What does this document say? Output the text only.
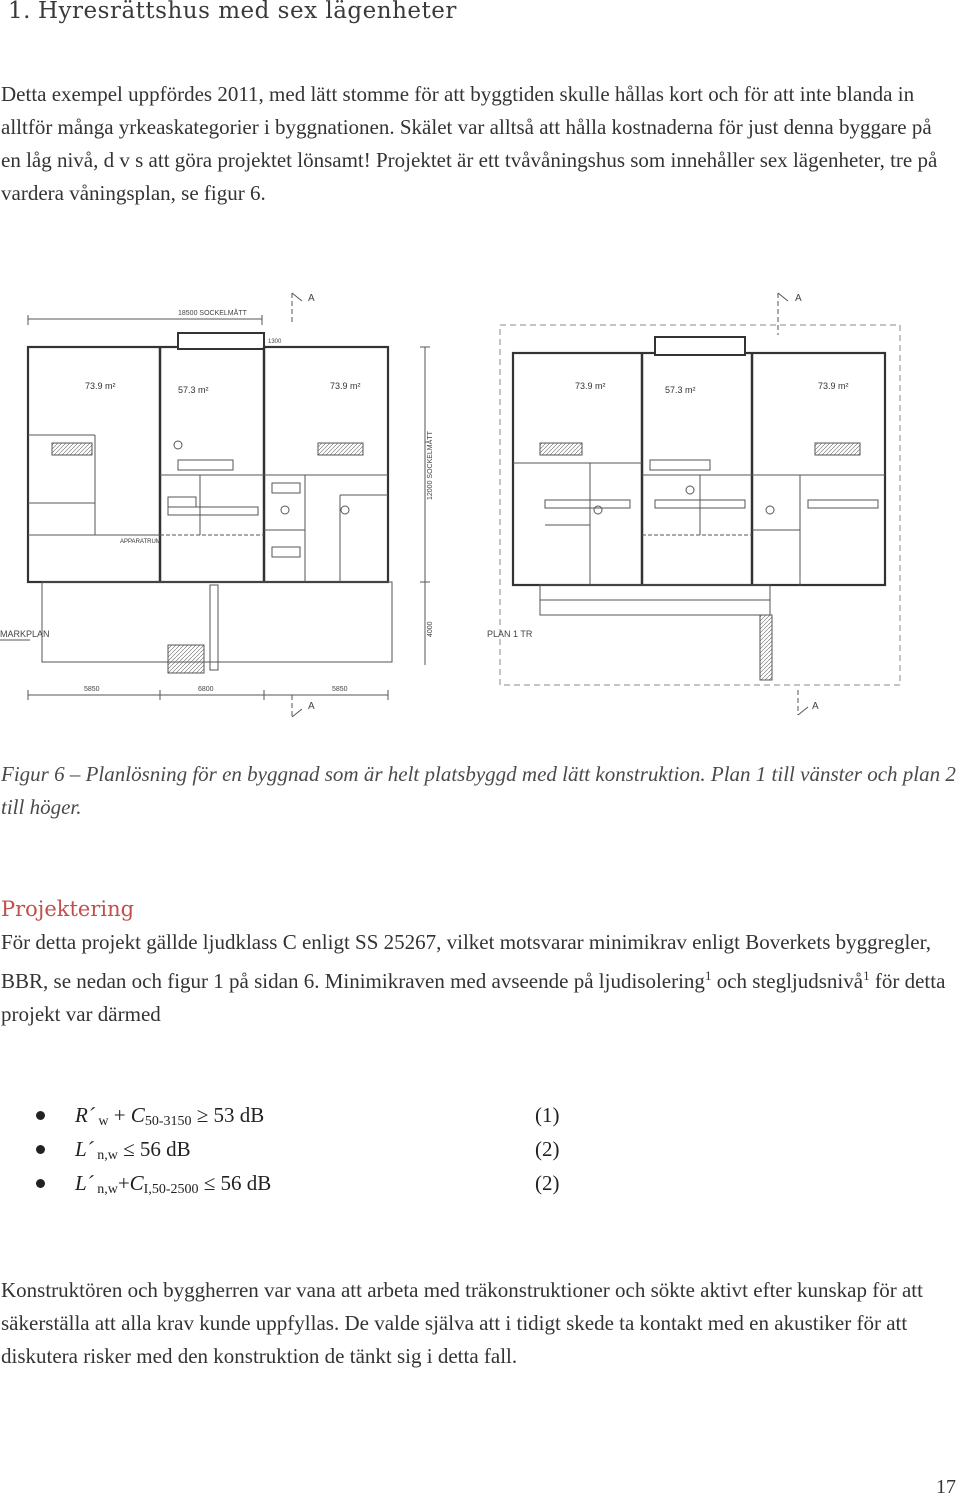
1. Hyresrättshus med sex lägenheter

Detta exempel uppfördes 2011, med lätt stomme för att byggtiden skulle hållas kort och för att inte blanda in alltför många yrkeaskategorier i byggnationen. Skälet var alltså att hålla kostnaderna för just denna byggare på en låg nivå, d v s att göra projektet lönsamt! Projektet är ett tvåvåningshus som innehåller sex lägenheter, tre på vardera våningsplan, se figur 6.

18500 SOCKELMÅTT
1300
A
73.9 m²	57.3 m²	73.9 m²
APPARATRUM
12000 SOCKELMÅTT
4000
MARKPLAN
5850	6800	5850
A
A
73.9 m²	57.3 m²	73.9 m²
PLAN 1 TR
A

Figur 6 – Planlösning för en byggnad som är helt platsbyggd med lätt konstruktion. Plan 1 till vänster och plan 2 till höger.

Projektering

För detta projekt gällde ljudklass C enligt SS 25267, vilket motsvarar minimikrav enligt Boverkets byggregler, BBR, se nedan och figur 1 på sidan 6. Minimikraven med avseende på ljudisolering$^1$ och stegljudsnivå$^1$ för detta projekt var därmed

R´ $_w + C_{50-3150} \ge 53$ dB	(1)
L´ $_{n,w}$ ≤ 56 dB	(2)
L´ $_{n,w}+C_{I,50-2500} \le 56$ dB	(2)

Konstruktören och byggherren var vana att arbeta med träkonstruktioner och sökte aktivt efter kunskap för att säkerställa att alla krav kunde uppfyllas. De valde själva att i tidigt skede ta kontakt med en akustiker för att diskutera risker med den konstruktion de tänkt sig i detta fall.

17
